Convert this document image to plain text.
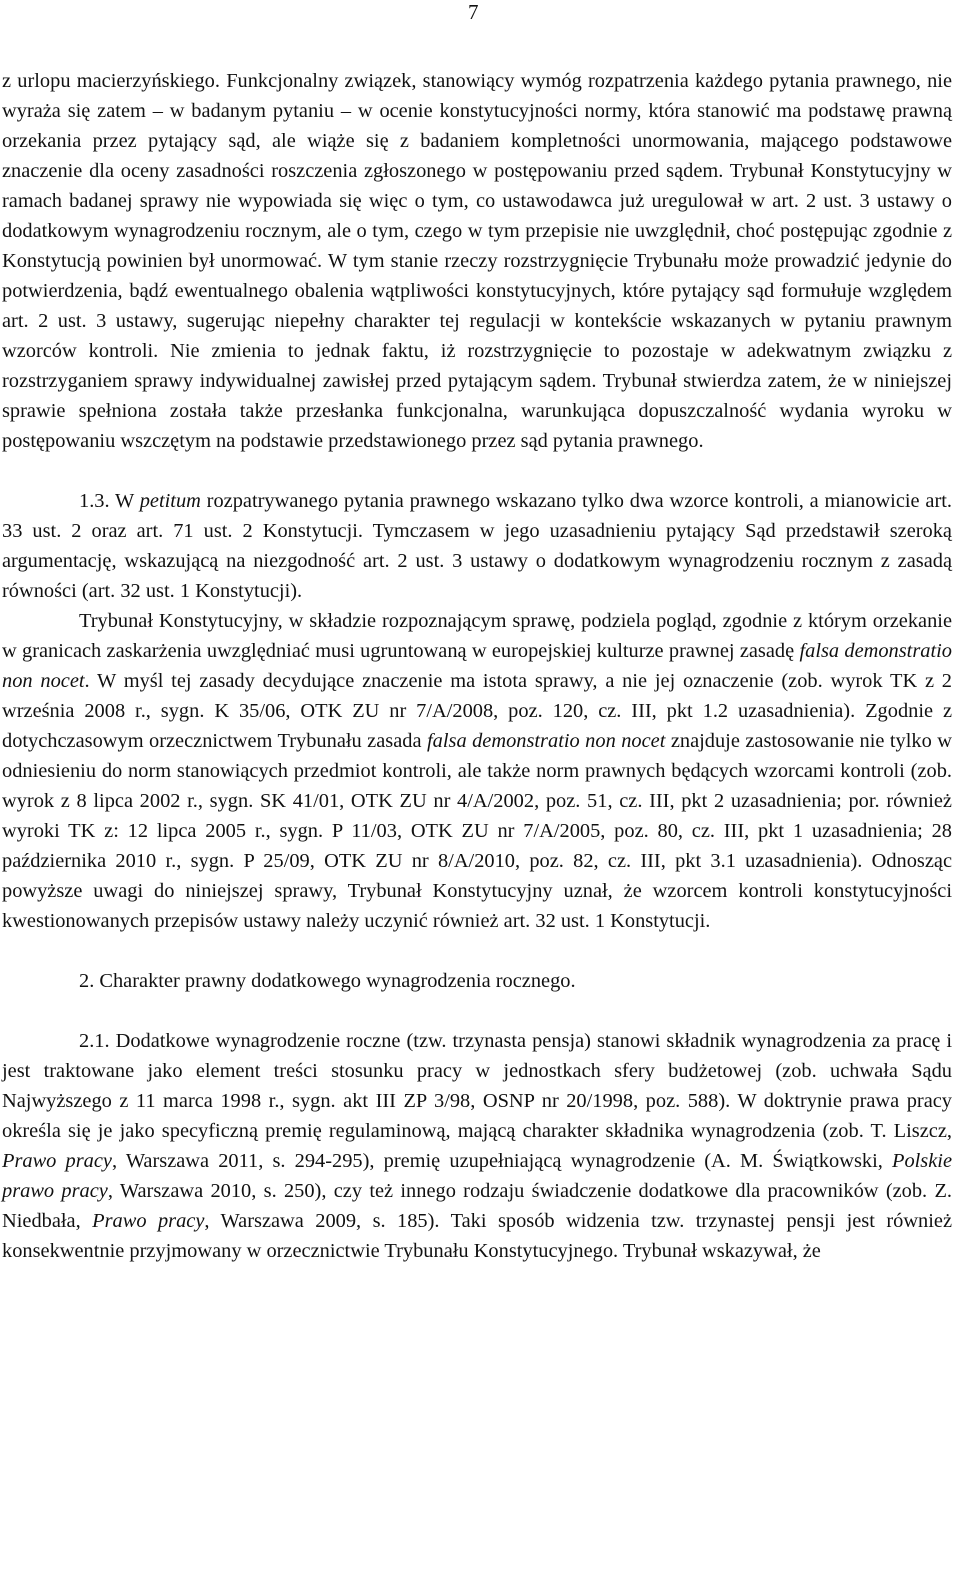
7

z urlopu macierzyńskiego. Funkcjonalny związek, stanowiący wymóg rozpatrzenia każdego pytania prawnego, nie wyraża się zatem – w badanym pytaniu – w ocenie konstytucyjności normy, która stanowić ma podstawę prawną orzekania przez pytający sąd, ale wiąże się z badaniem kompletności unormowania, mającego podstawowe znaczenie dla oceny zasadności roszczenia zgłoszonego w postępowaniu przed sądem. Trybunał Konstytucyjny w ramach badanej sprawy nie wypowiada się więc o tym, co ustawodawca już uregulował w art. 2 ust. 3 ustawy o dodatkowym wynagrodzeniu rocznym, ale o tym, czego w tym przepisie nie uwzględnił, choć postępując zgodnie z Konstytucją powinien był unormować. W tym stanie rzeczy rozstrzygnięcie Trybunału może prowadzić jedynie do potwierdzenia, bądź ewentualnego obalenia wątpliwości konstytucyjnych, które pytający sąd formułuje względem art. 2 ust. 3 ustawy, sugerując niepełny charakter tej regulacji w kontekście wskazanych w pytaniu prawnym wzorców kontroli. Nie zmienia to jednak faktu, iż rozstrzygnięcie to pozostaje w adekwatnym związku z rozstrzyganiem sprawy indywidualnej zawisłej przed pytającym sądem. Trybunał stwierdza zatem, że w niniejszej sprawie spełniona została także przesłanka funkcjonalna, warunkująca dopuszczalność wydania wyroku w postępowaniu wszczętym na podstawie przedstawionego przez sąd pytania prawnego.

1.3. W petitum rozpatrywanego pytania prawnego wskazano tylko dwa wzorce kontroli, a mianowicie art. 33 ust. 2 oraz art. 71 ust. 2 Konstytucji. Tymczasem w jego uzasadnieniu pytający Sąd przedstawił szeroką argumentację, wskazującą na niezgodność art. 2 ust. 3 ustawy o dodatkowym wynagrodzeniu rocznym z zasadą równości (art. 32 ust. 1 Konstytucji).

Trybunał Konstytucyjny, w składzie rozpoznającym sprawę, podziela pogląd, zgodnie z którym orzekanie w granicach zaskarżenia uwzględniać musi ugruntowaną w europejskiej kulturze prawnej zasadę falsa demonstratio non nocet. W myśl tej zasady decydujące znaczenie ma istota sprawy, a nie jej oznaczenie (zob. wyrok TK z 2 września 2008 r., sygn. K 35/06, OTK ZU nr 7/A/2008, poz. 120, cz. III, pkt 1.2 uzasadnienia). Zgodnie z dotychczasowym orzecznictwem Trybunału zasada falsa demonstratio non nocet znajduje zastosowanie nie tylko w odniesieniu do norm stanowiących przedmiot kontroli, ale także norm prawnych będących wzorcami kontroli (zob. wyrok z 8 lipca 2002 r., sygn. SK 41/01, OTK ZU nr 4/A/2002, poz. 51, cz. III, pkt 2 uzasadnienia; por. również wyroki TK z: 12 lipca 2005 r., sygn. P 11/03, OTK ZU nr 7/A/2005, poz. 80, cz. III, pkt 1 uzasadnienia; 28 października 2010 r., sygn. P 25/09, OTK ZU nr 8/A/2010, poz. 82, cz. III, pkt 3.1 uzasadnienia). Odnosząc powyższe uwagi do niniejszej sprawy, Trybunał Konstytucyjny uznał, że wzorcem kontroli konstytucyjności kwestionowanych przepisów ustawy należy uczynić również art. 32 ust. 1 Konstytucji.

2. Charakter prawny dodatkowego wynagrodzenia rocznego.

2.1. Dodatkowe wynagrodzenie roczne (tzw. trzynasta pensja) stanowi składnik wynagrodzenia za pracę i jest traktowane jako element treści stosunku pracy w jednostkach sfery budżetowej (zob. uchwała Sądu Najwyższego z 11 marca 1998 r., sygn. akt III ZP 3/98, OSNP nr 20/1998, poz. 588). W doktrynie prawa pracy określa się je jako specyficzną premię regulaminową, mającą charakter składnika wynagrodzenia (zob. T. Liszcz, Prawo pracy, Warszawa 2011, s. 294-295), premię uzupełniającą wynagrodzenie (A. M. Świątkowski, Polskie prawo pracy, Warszawa 2010, s. 250), czy też innego rodzaju świadczenie dodatkowe dla pracowników (zob. Z. Niedbała, Prawo pracy, Warszawa 2009, s. 185). Taki sposób widzenia tzw. trzynastej pensji jest również konsekwentnie przyjmowany w orzecznictwie Trybunału Konstytucyjnego. Trybunał wskazywał, że
